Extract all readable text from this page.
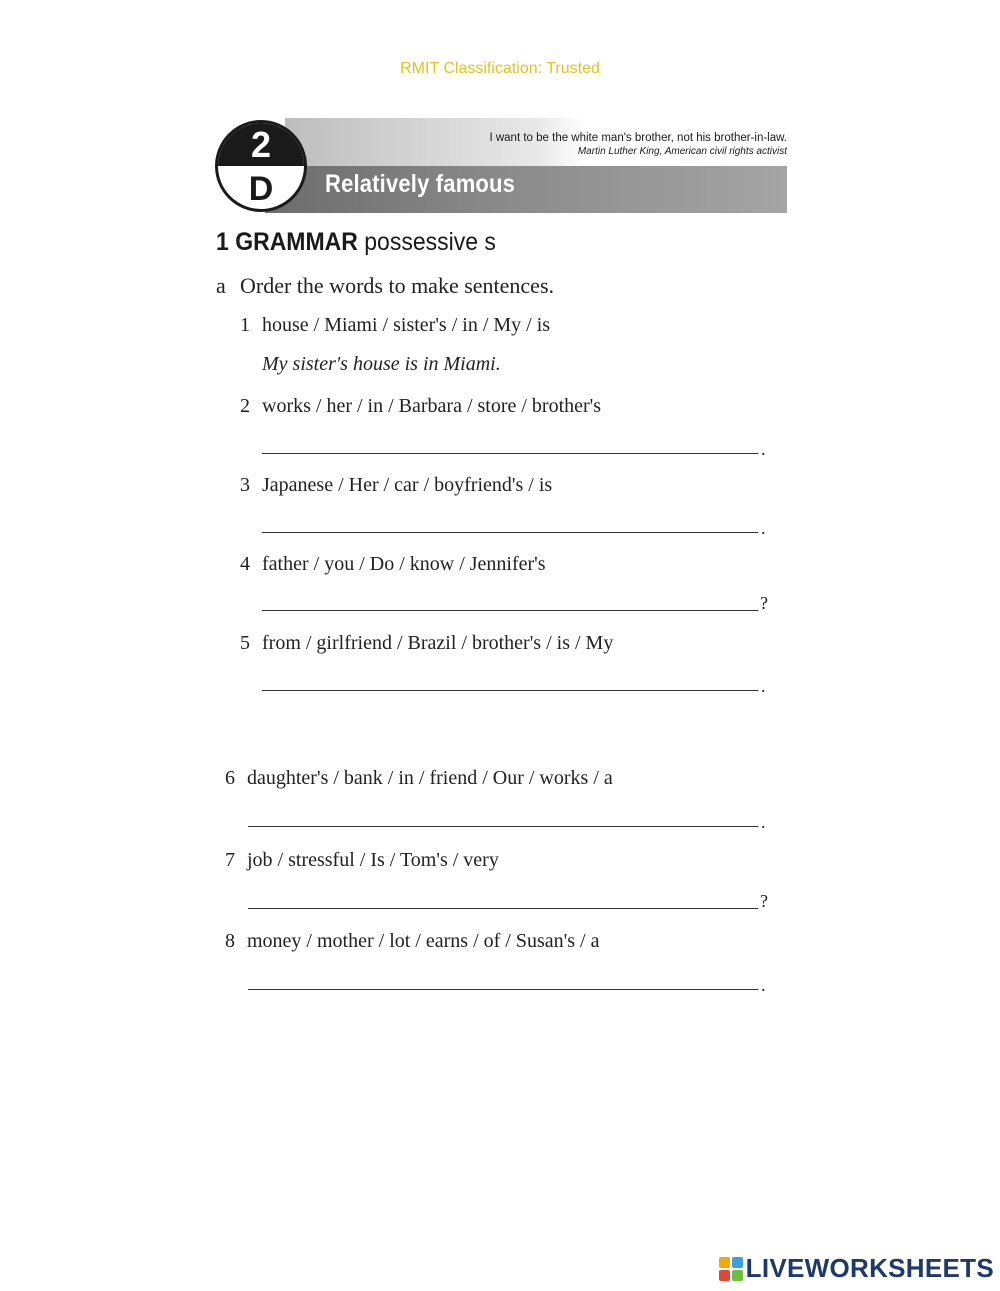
RMIT Classification: Trusted
Relatively famous
2
D
I want to be the white man's brother, not his brother-in-law.
Martin Luther King, American civil rights activist
1 GRAMMAR possessive s
a Order the words to make sentences.
1 house / Miami / sister's / in / My / is
My sister's house is in Miami.
2 works / her / in / Barbara / store / brother's
.
3 Japanese / Her / car / boyfriend's / is
.
4 father / you / Do / know / Jennifer's
?
5 from / girlfriend / Brazil / brother's / is / My
.
6 daughter's / bank / in / friend / Our / works / a
.
7 job / stressful / Is / Tom's / very
?
8 money / mother / lot / earns / of / Susan's / a
.
LIVEWORKSHEETS
